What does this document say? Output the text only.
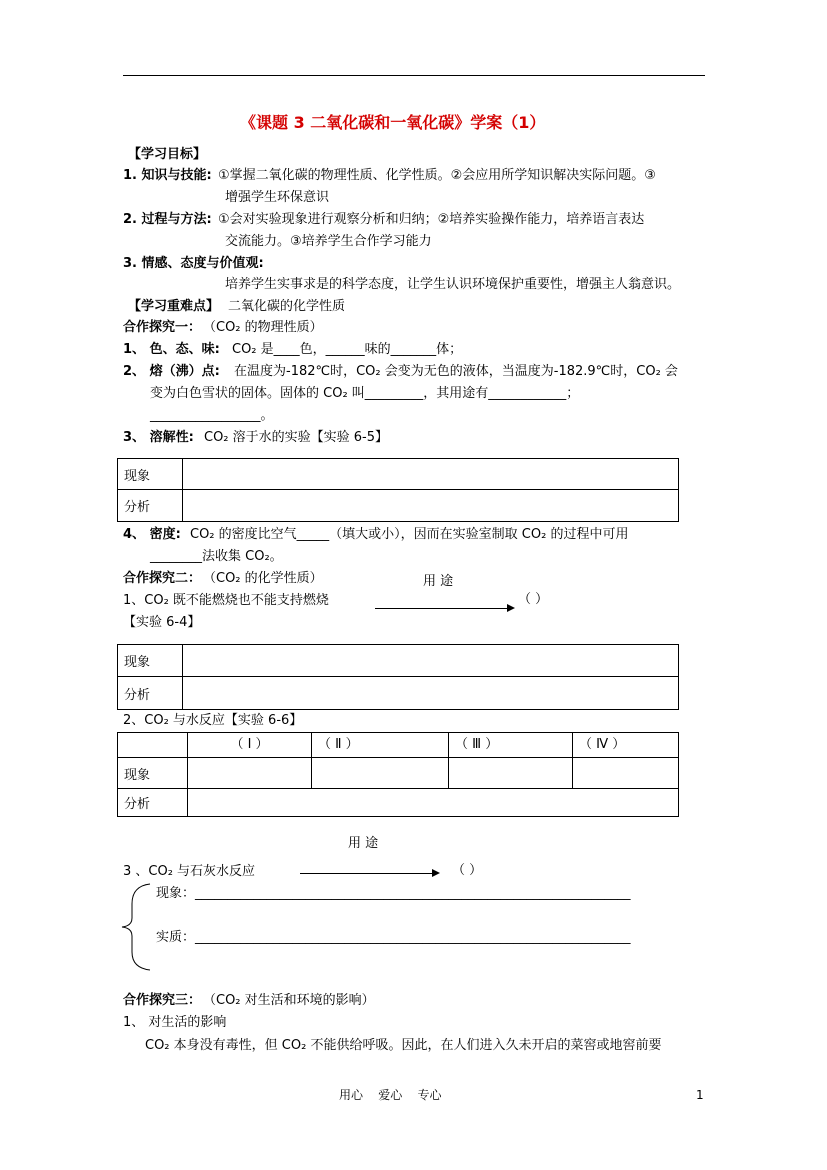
《课题 3 二氧化碳和一氧化碳》学案（1）
【学习目标】
1. 知识与技能: ①掌握二氧化碳的物理性质、化学性质。②会应用所学知识解决实际问题。③
增强学生环保意识
2. 过程与方法: ①会对实验现象进行观察分析和归纳；②培养实验操作能力，培养语言表达
交流能力。③培养学生合作学习能力
3. 情感、态度与价值观:
培养学生实事求是的科学态度，让学生认识环境保护重要性，增强主人翁意识。
【学习重难点】 二氧化碳的化学性质
合作探究一： （CO₂ 的物理性质）
1、 色、态、味: CO₂ 是____色，______味的_______体；
2、 熔（沸）点: 在温度为-182℃时，CO₂ 会变为无色的液体，当温度为-182.9℃时，CO₂ 会
变为白色雪状的固体。固体的 CO₂ 叫_________，其用途有____________；
_________________。
3、 溶解性: CO₂ 溶于水的实验【实验 6-5】
现象	
分析	
4、 密度: CO₂ 的密度比空气_____（填大或小），因而在实验室制取 CO₂ 的过程中可用
________法收集 CO₂。
合作探究二： （CO₂ 的化学性质）	用 途
1、CO₂ 既不能燃烧也不能支持燃烧	（ ）
【实验 6-4】
现象	
分析	
2、CO₂ 与水反应【实验 6-6】
	（ Ⅰ ）	（ Ⅱ ）	（ Ⅲ ）	（ Ⅳ ）
现象				
分析				
用 途
3 、CO₂ 与石灰水反应	（ ）
现象：___________________________________________________________________
实质：___________________________________________________________________
合作探究三： （CO₂ 对生活和环境的影响）
1、 对生活的影响
CO₂ 本身没有毒性，但 CO₂ 不能供给呼吸。因此，在人们进入久未开启的菜窖或地窖前要
用心    爱心    专心	1
